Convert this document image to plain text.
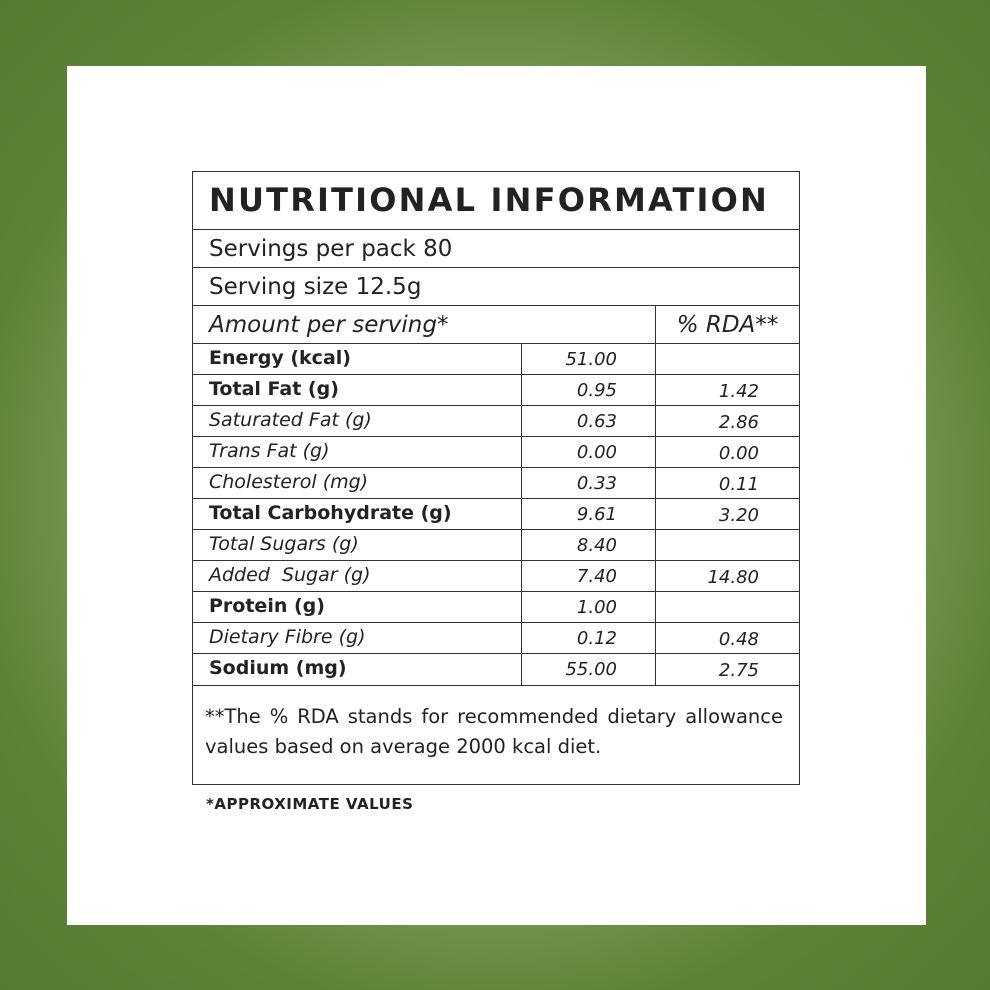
NUTRITIONAL INFORMATION
Servings per pack 80
Serving size 12.5g
Amount per serving*	% RDA**
Energy (kcal)	51.00
Total Fat (g)	0.95	1.42
Saturated Fat (g)	0.63	2.86
Trans Fat (g)	0.00	0.00
Cholesterol (mg)	0.33	0.11
Total Carbohydrate (g)	9.61	3.20
Total Sugars (g)	8.40
Added  Sugar (g)	7.40	14.80
Protein (g)	1.00
Dietary Fibre (g)	0.12	0.48
Sodium (mg)	55.00	2.75
**The % RDA stands for recommended dietary allowance values based on average 2000 kcal diet.
*APPROXIMATE VALUES
